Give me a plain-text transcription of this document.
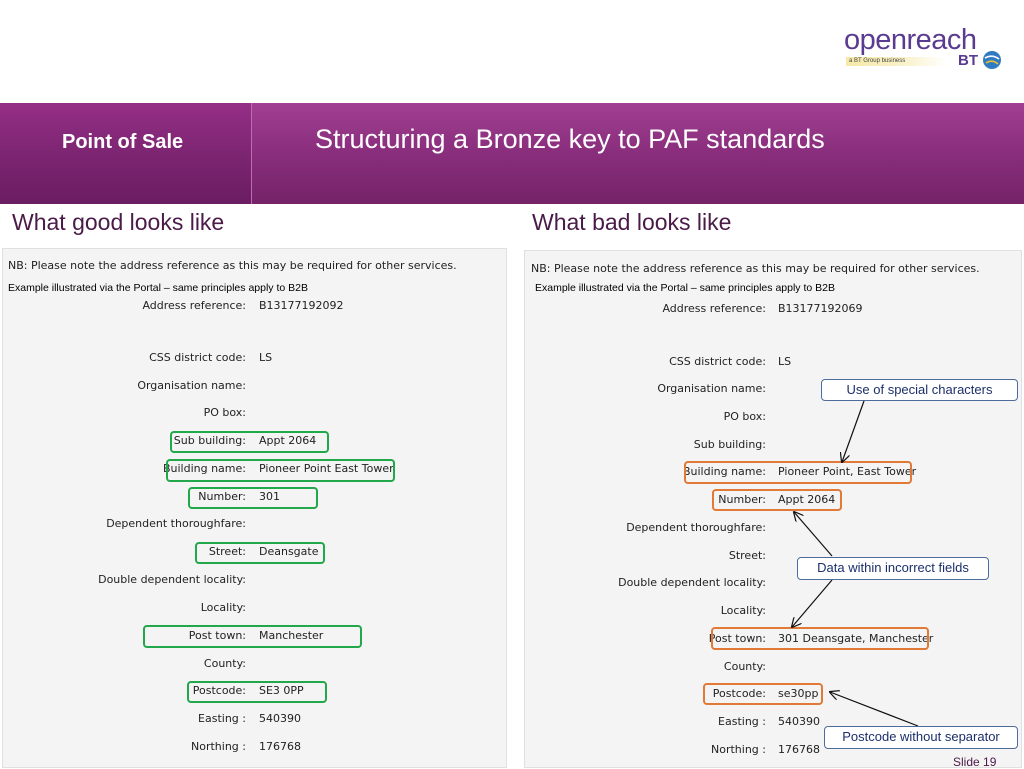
openreach
a BT Group business	BT
Point of Sale	Structuring a Bronze key to PAF standards
What good looks like	What bad looks like
NB: Please note the address reference as this may be required for other services.
Example illustrated via the Portal – same principles apply to B2B
Address reference: B13177192092
CSS district code: LS
Organisation name:
PO box:
Sub building: Appt 2064
Building name: Pioneer Point East Tower
Number: 301
Dependent thoroughfare:
Street: Deansgate
Double dependent locality:
Locality:
Post town: Manchester
County:
Postcode: SE3 0PP
Easting : 540390
Northing : 176768
NB: Please note the address reference as this may be required for other services.
Example illustrated via the Portal – same principles apply to B2B
Address reference: B13177192069
CSS district code: LS
Organisation name:
PO box:
Sub building:
Building name: Pioneer Point, East Tower
Number: Appt 2064
Dependent thoroughfare:
Street:
Double dependent locality:
Locality:
Post town: 301 Deansgate, Manchester
County:
Postcode: se30pp
Easting : 540390
Northing : 176768
Use of special characters
Data within incorrect fields
Postcode without separator
Slide 19
